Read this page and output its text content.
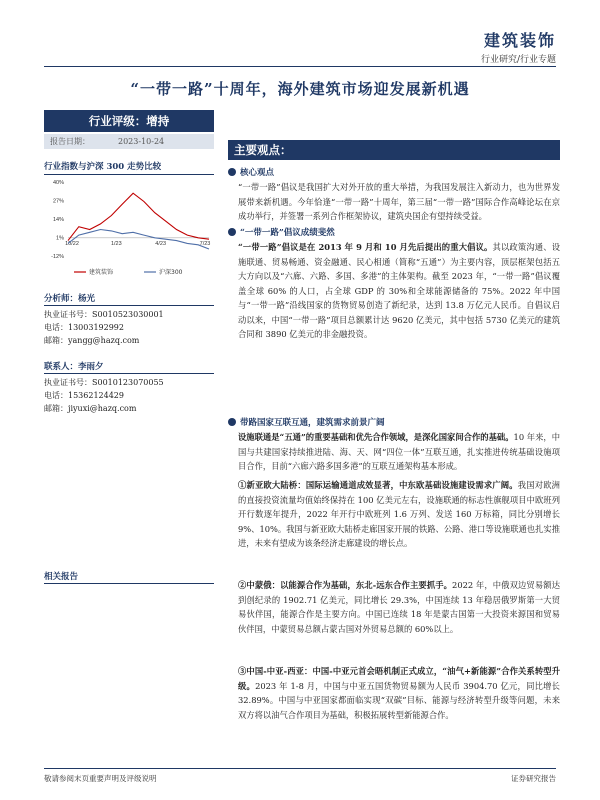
建筑装饰
行业研究/行业专题
“一带一路”十周年，海外建筑市场迎发展新机遇
行业评级：增持
报告日期：	2023-10-24
行业指数与沪深 300 走势比较
40%
27%
14%
1%
-12%
10/22	1/23	4/23	7/23
建筑装饰	沪深300
分析师：杨光
执业证书号：S0010523030001
电话：13003192992
邮箱：yangg@hazq.com
联系人：李雨夕
执业证书号：S0010123070055
电话：15362124429
邮箱：jiyuxi@hazq.com
相关报告
主要观点：
核心观点
“一带一路”倡议是我国扩大对外开放的重大举措，为我国发展注入新动力，也为世界发展带来新机遇。今年恰逢“一带一路”十周年，第三届“一带一路”国际合作高峰论坛在京成功举行，并签署一系列合作框架协议，建筑央国企有望持续受益。
“一带一路”倡议成绩斐然
“一带一路”倡议是在 2013 年 9 月和 10 月先后提出的重大倡议。其以政策沟通、设施联通、贸易畅通、资金融通、民心相通（简称“五通”）为主要内容，顶层框架包括五大方向以及“六廊、六路、多国、多港”的主体架构。截至 2023 年，“一带一路”倡议覆盖全球 60% 的人口，占全球 GDP 的 30%和全球能源储备的 75%。2022 年中国与“一带一路”沿线国家的货物贸易创造了新纪录，达到 13.8 万亿元人民币。自倡议启动以来，中国“一带一路”项目总额累计达 9620 亿美元，其中包括 5730 亿美元的建筑合同和 3890 亿美元的非金融投资。
带路国家互联互通，建筑需求前景广阔
设施联通是“五通”的重要基础和优先合作领域，是深化国家间合作的基础。10 年来，中国与共建国家持续推进陆、海、天、网“四位一体”互联互通，扎实推进传统基础设施项目合作，目前“六廊六路多国多港”的互联互通架构基本形成。
①新亚欧大陆桥：国际运输通道成效显著，中东欧基础设施建设需求广阔。我国对欧洲的直接投资流量均值始终保持在 100 亿美元左右，设施联通的标志性旗舰项目中欧班列开行数逐年提升，2022 年开行中欧班列 1.6 万列、发送 160 万标箱，同比分别增长 9%、10%。我国与新亚欧大陆桥走廊国家开展的铁路、公路、港口等设施联通也扎实推进，未来有望成为该条经济走廊建设的增长点。
②中蒙俄：以能源合作为基础，东北-远东合作主要抓手。2022 年，中俄双边贸易额达到创纪录的 1902.71 亿美元，同比增长 29.3%，中国连续 13 年稳居俄罗斯第一大贸易伙伴国，能源合作是主要方向。中国已连续 18 年是蒙古国第一大投资来源国和贸易伙伴国，中蒙贸易总额占蒙古国对外贸易总额的 60%以上。
③中国-中亚-西亚：中国-中亚元首会晤机制正式成立，“油气+新能源”合作关系转型升级。2023 年 1-8 月，中国与中亚五国货物贸易额为人民币 3904.70 亿元，同比增长 32.89%。中国与中亚国家都面临实现“双碳”目标、能源与经济转型升级等问题，未来双方将以油气合作项目为基础，积极拓展转型新能源合作。
敬请参阅末页重要声明及评级说明	证券研究报告
